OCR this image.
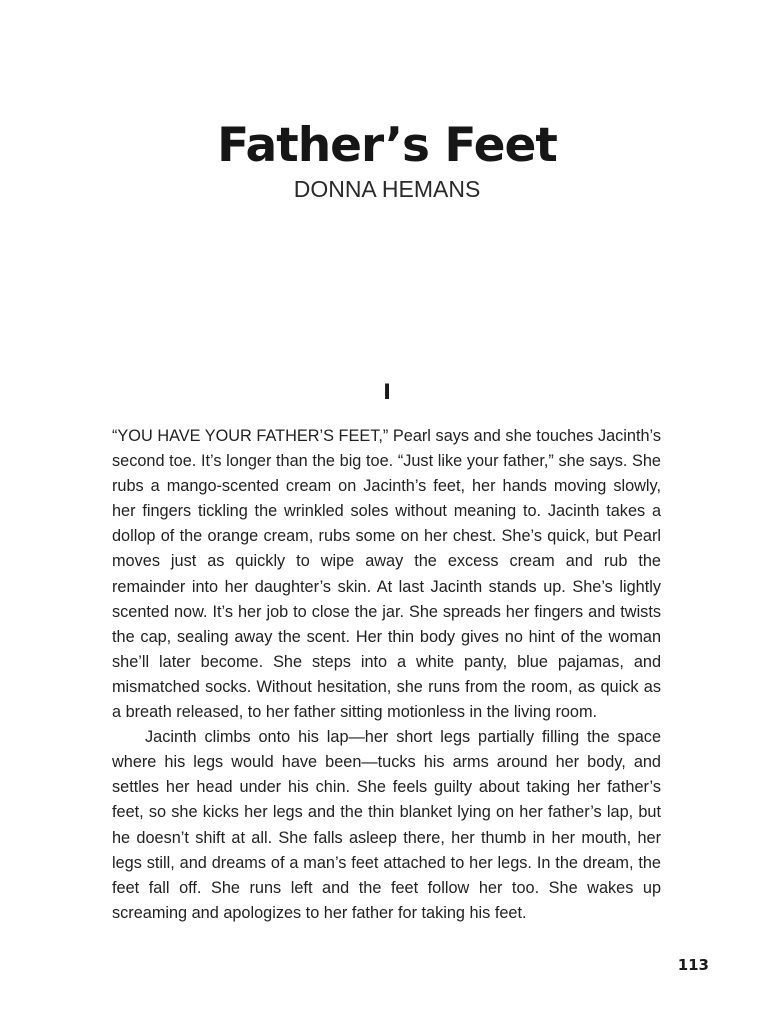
Father’s Feet
DONNA HEMANS
I

“YOU HAVE YOUR FATHER’S FEET,” Pearl says and she touches Jacinth’s second toe. It’s longer than the big toe. “Just like your father,” she says. She rubs a mango-scented cream on Jacinth’s feet, her hands moving slowly, her fingers tickling the wrinkled soles without meaning to. Jacinth takes a dollop of the orange cream, rubs some on her chest. She’s quick, but Pearl moves just as quickly to wipe away the excess cream and rub the remainder into her daughter’s skin. At last Jacinth stands up. She’s lightly scented now. It’s her job to close the jar. She spreads her fingers and twists the cap, sealing away the scent. Her thin body gives no hint of the woman she’ll later become. She steps into a white panty, blue pajamas, and mismatched socks. Without hesitation, she runs from the room, as quick as a breath released, to her father sitting motionless in the living room.

Jacinth climbs onto his lap—her short legs partially filling the space where his legs would have been—tucks his arms around her body, and settles her head under his chin. She feels guilty about taking her father’s feet, so she kicks her legs and the thin blanket lying on her father’s lap, but he doesn’t shift at all. She falls asleep there, her thumb in her mouth, her legs still, and dreams of a man’s feet attached to her legs. In the dream, the feet fall off. She runs left and the feet follow her too. She wakes up screaming and apologizes to her father for taking his feet.

113
